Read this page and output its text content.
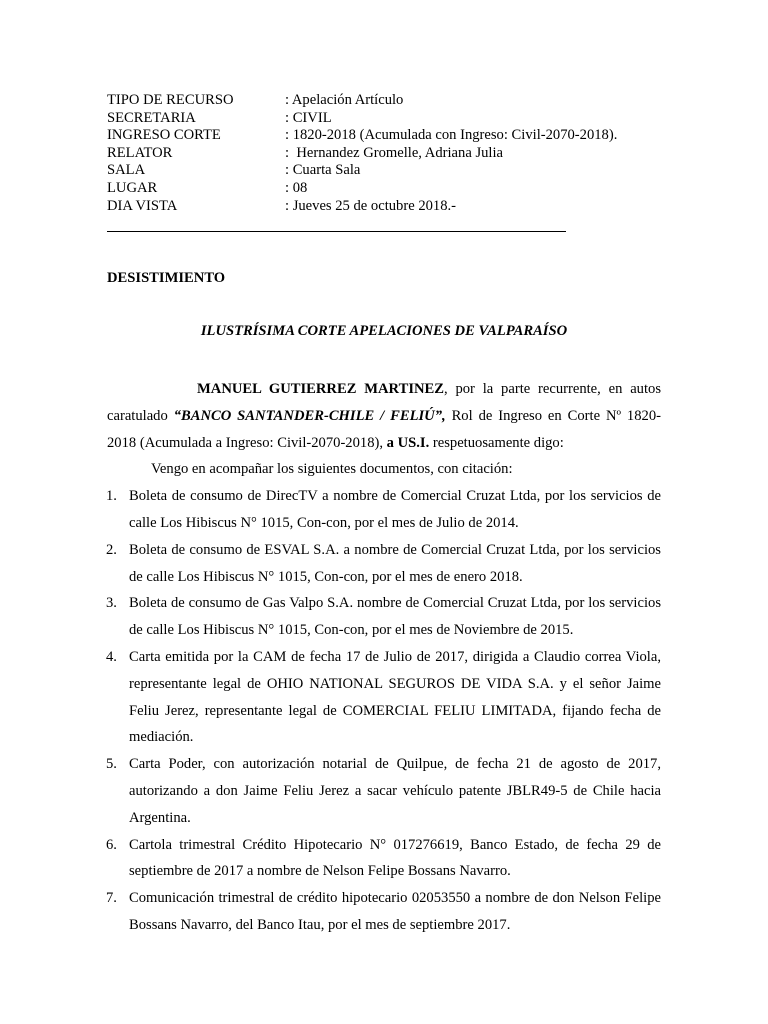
TIPO DE RECURSO	: Apelación Artículo
SECRETARIA	: CIVIL
INGRESO CORTE	: 1820-2018 (Acumulada con Ingreso: Civil-2070-2018).
RELATOR	:  Hernandez Gromelle, Adriana Julia
SALA	: Cuarta Sala
LUGAR	: 08
DIA VISTA	: Jueves 25 de octubre 2018.-
DESISTIMIENTO
ILUSTRÍSIMA CORTE APELACIONES DE VALPARAÍSO

MANUEL GUTIERREZ MARTINEZ, por la parte recurrente, en autos caratulado “BANCO SANTANDER-CHILE / FELIÚ”, Rol de Ingreso en Corte Nº 1820-2018 (Acumulada a Ingreso: Civil-2070-2018), a US.I. respetuosamente digo:

Vengo en acompañar los siguientes documentos, con citación:

1. Boleta de consumo de DirecTV a nombre de Comercial Cruzat Ltda, por los servicios de calle Los Hibiscus N° 1015, Con-con, por el mes de Julio de 2014.
2. Boleta de consumo de ESVAL S.A. a nombre de Comercial Cruzat Ltda, por los servicios de calle Los Hibiscus N° 1015, Con-con, por el mes de enero 2018.
3. Boleta de consumo de Gas Valpo S.A. nombre de Comercial Cruzat Ltda, por los servicios de calle Los Hibiscus N° 1015, Con-con, por el mes de Noviembre de 2015.
4. Carta emitida por la CAM de fecha 17 de Julio de 2017, dirigida a Claudio correa Viola, representante legal de OHIO NATIONAL SEGUROS DE VIDA S.A. y el señor Jaime Feliu Jerez, representante legal de COMERCIAL FELIU LIMITADA, fijando fecha de mediación.
5. Carta Poder, con autorización notarial de Quilpue, de fecha 21 de agosto de 2017, autorizando a don Jaime Feliu Jerez a sacar vehículo patente JBLR49-5 de Chile hacia Argentina.
6. Cartola trimestral Crédito Hipotecario N° 017276619, Banco Estado, de fecha 29 de septiembre de 2017 a nombre de Nelson Felipe Bossans Navarro.
7. Comunicación trimestral de crédito hipotecario 02053550 a nombre de don Nelson Felipe Bossans Navarro, del Banco Itau, por el mes de septiembre 2017.
